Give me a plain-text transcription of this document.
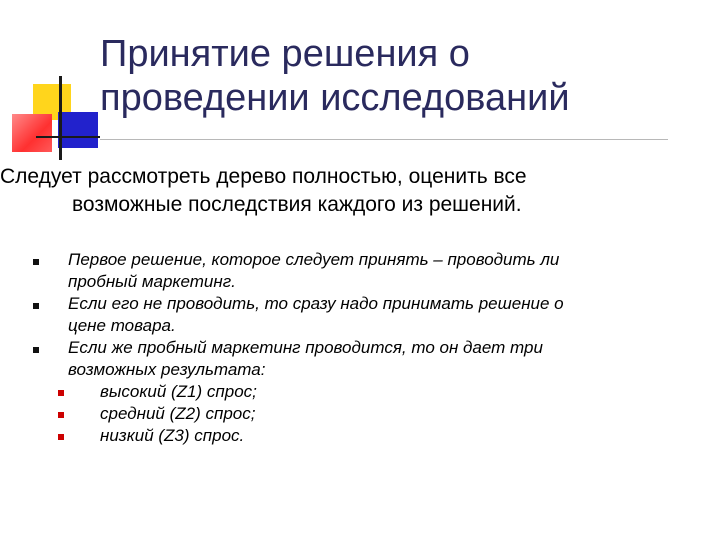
Принятие решения о
проведении исследований
Следует рассмотреть дерево полностью, оценить все
возможные последствия каждого из решений.
Первое решение, которое следует принять – проводить ли
пробный маркетинг.
Если его не проводить, то сразу надо принимать решение о
цене товара.
Если же пробный маркетинг проводится, то он дает три
возможных результата:
высокий (Z1) спрос;
средний (Z2) спрос;
низкий (Z3) спрос.
